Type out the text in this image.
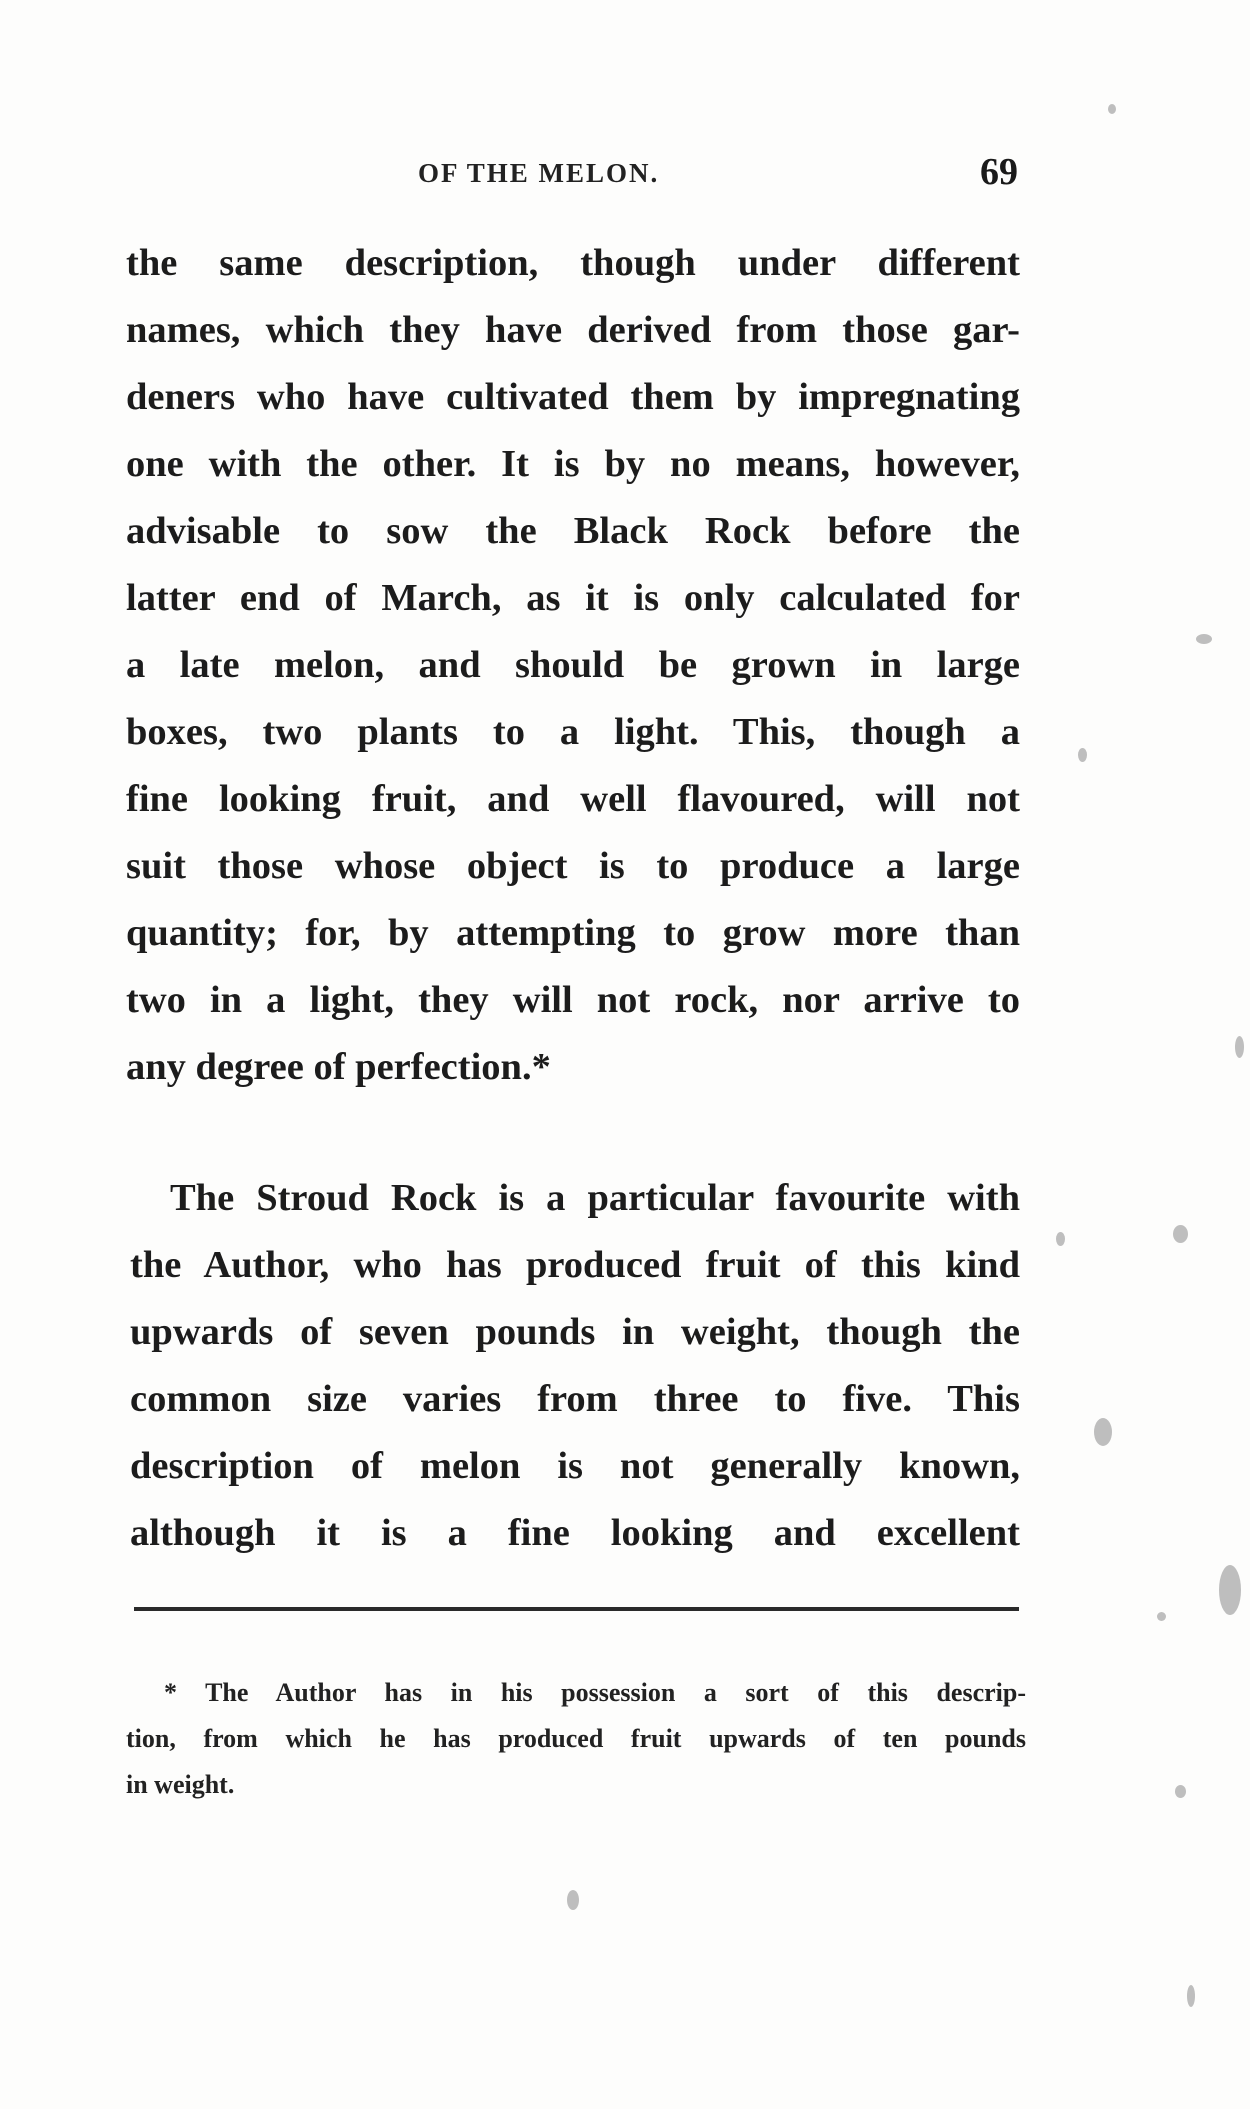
OF THE MELON.	69
the same description, though under different
names, which they have derived from those gar-
deners who have cultivated them by impregnating
one with the other. It is by no means, however,
advisable to sow the Black Rock before the
latter end of March, as it is only calculated for
a late melon, and should be grown in large
boxes, two plants to a light. This, though a
fine looking fruit, and well flavoured, will not
suit those whose object is to produce a large
quantity; for, by attempting to grow more than
two in a light, they will not rock, nor arrive to
any degree of perfection.*
The Stroud Rock is a particular favourite with
the Author, who has produced fruit of this kind
upwards of seven pounds in weight, though the
common size varies from three to five. This
description of melon is not generally known,
although it is a fine looking and excellent
* The Author has in his possession a sort of this descrip-
tion, from which he has produced fruit upwards of ten pounds
in weight.
